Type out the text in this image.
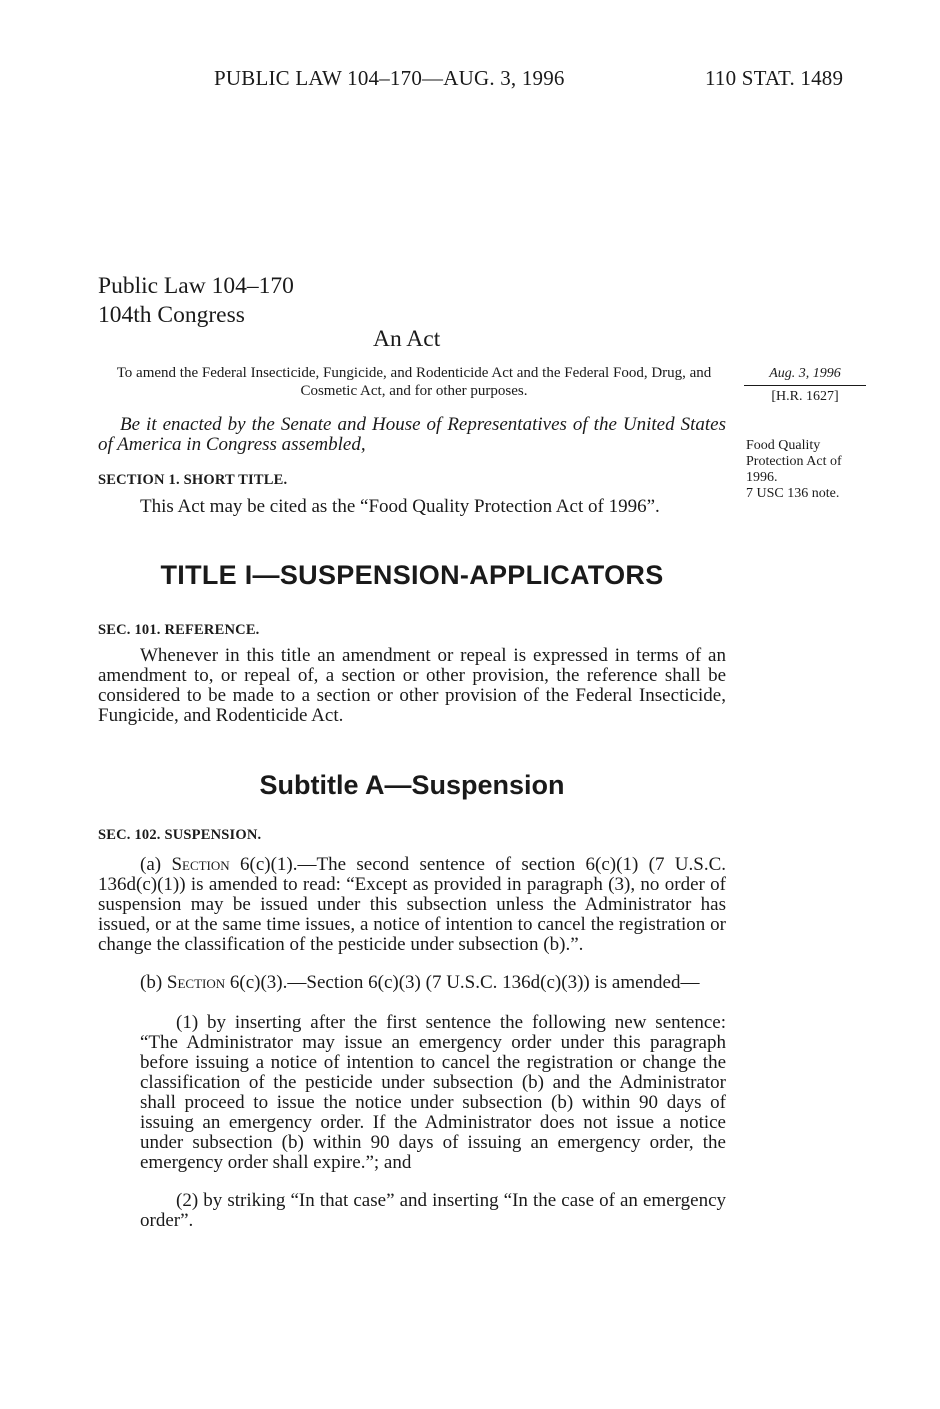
PUBLIC LAW 104–170—AUG. 3, 1996	110 STAT. 1489
Public Law 104–170
104th Congress
An Act
To amend the Federal Insecticide, Fungicide, and Rodenticide Act and the Federal Food, Drug, and Cosmetic Act, and for other purposes.
Aug. 3, 1996
[H.R. 1627]
Food Quality
Protection Act of
1996.
7 USC 136 note.
Be it enacted by the Senate and House of Representatives of the United States of America in Congress assembled,
SECTION 1. SHORT TITLE.
This Act may be cited as the “Food Quality Protection Act of 1996”.
TITLE I—SUSPENSION-APPLICATORS
SEC. 101. REFERENCE.
Whenever in this title an amendment or repeal is expressed in terms of an amendment to, or repeal of, a section or other provision, the reference shall be considered to be made to a section or other provision of the Federal Insecticide, Fungicide, and Rodenticide Act.
Subtitle A—Suspension
SEC. 102. SUSPENSION.
(a) Section 6(c)(1).—The second sentence of section 6(c)(1) (7 U.S.C. 136d(c)(1)) is amended to read: “Except as provided in paragraph (3), no order of suspension may be issued under this subsection unless the Administrator has issued, or at the same time issues, a notice of intention to cancel the registration or change the classification of the pesticide under subsection (b).”.
(b) Section 6(c)(3).—Section 6(c)(3) (7 U.S.C. 136d(c)(3)) is amended—
(1) by inserting after the first sentence the following new sentence: “The Administrator may issue an emergency order under this paragraph before issuing a notice of intention to cancel the registration or change the classification of the pesticide under subsection (b) and the Administrator shall proceed to issue the notice under subsection (b) within 90 days of issuing an emergency order. If the Administrator does not issue a notice under subsection (b) within 90 days of issuing an emergency order, the emergency order shall expire.”; and
(2) by striking “In that case” and inserting “In the case of an emergency order”.
